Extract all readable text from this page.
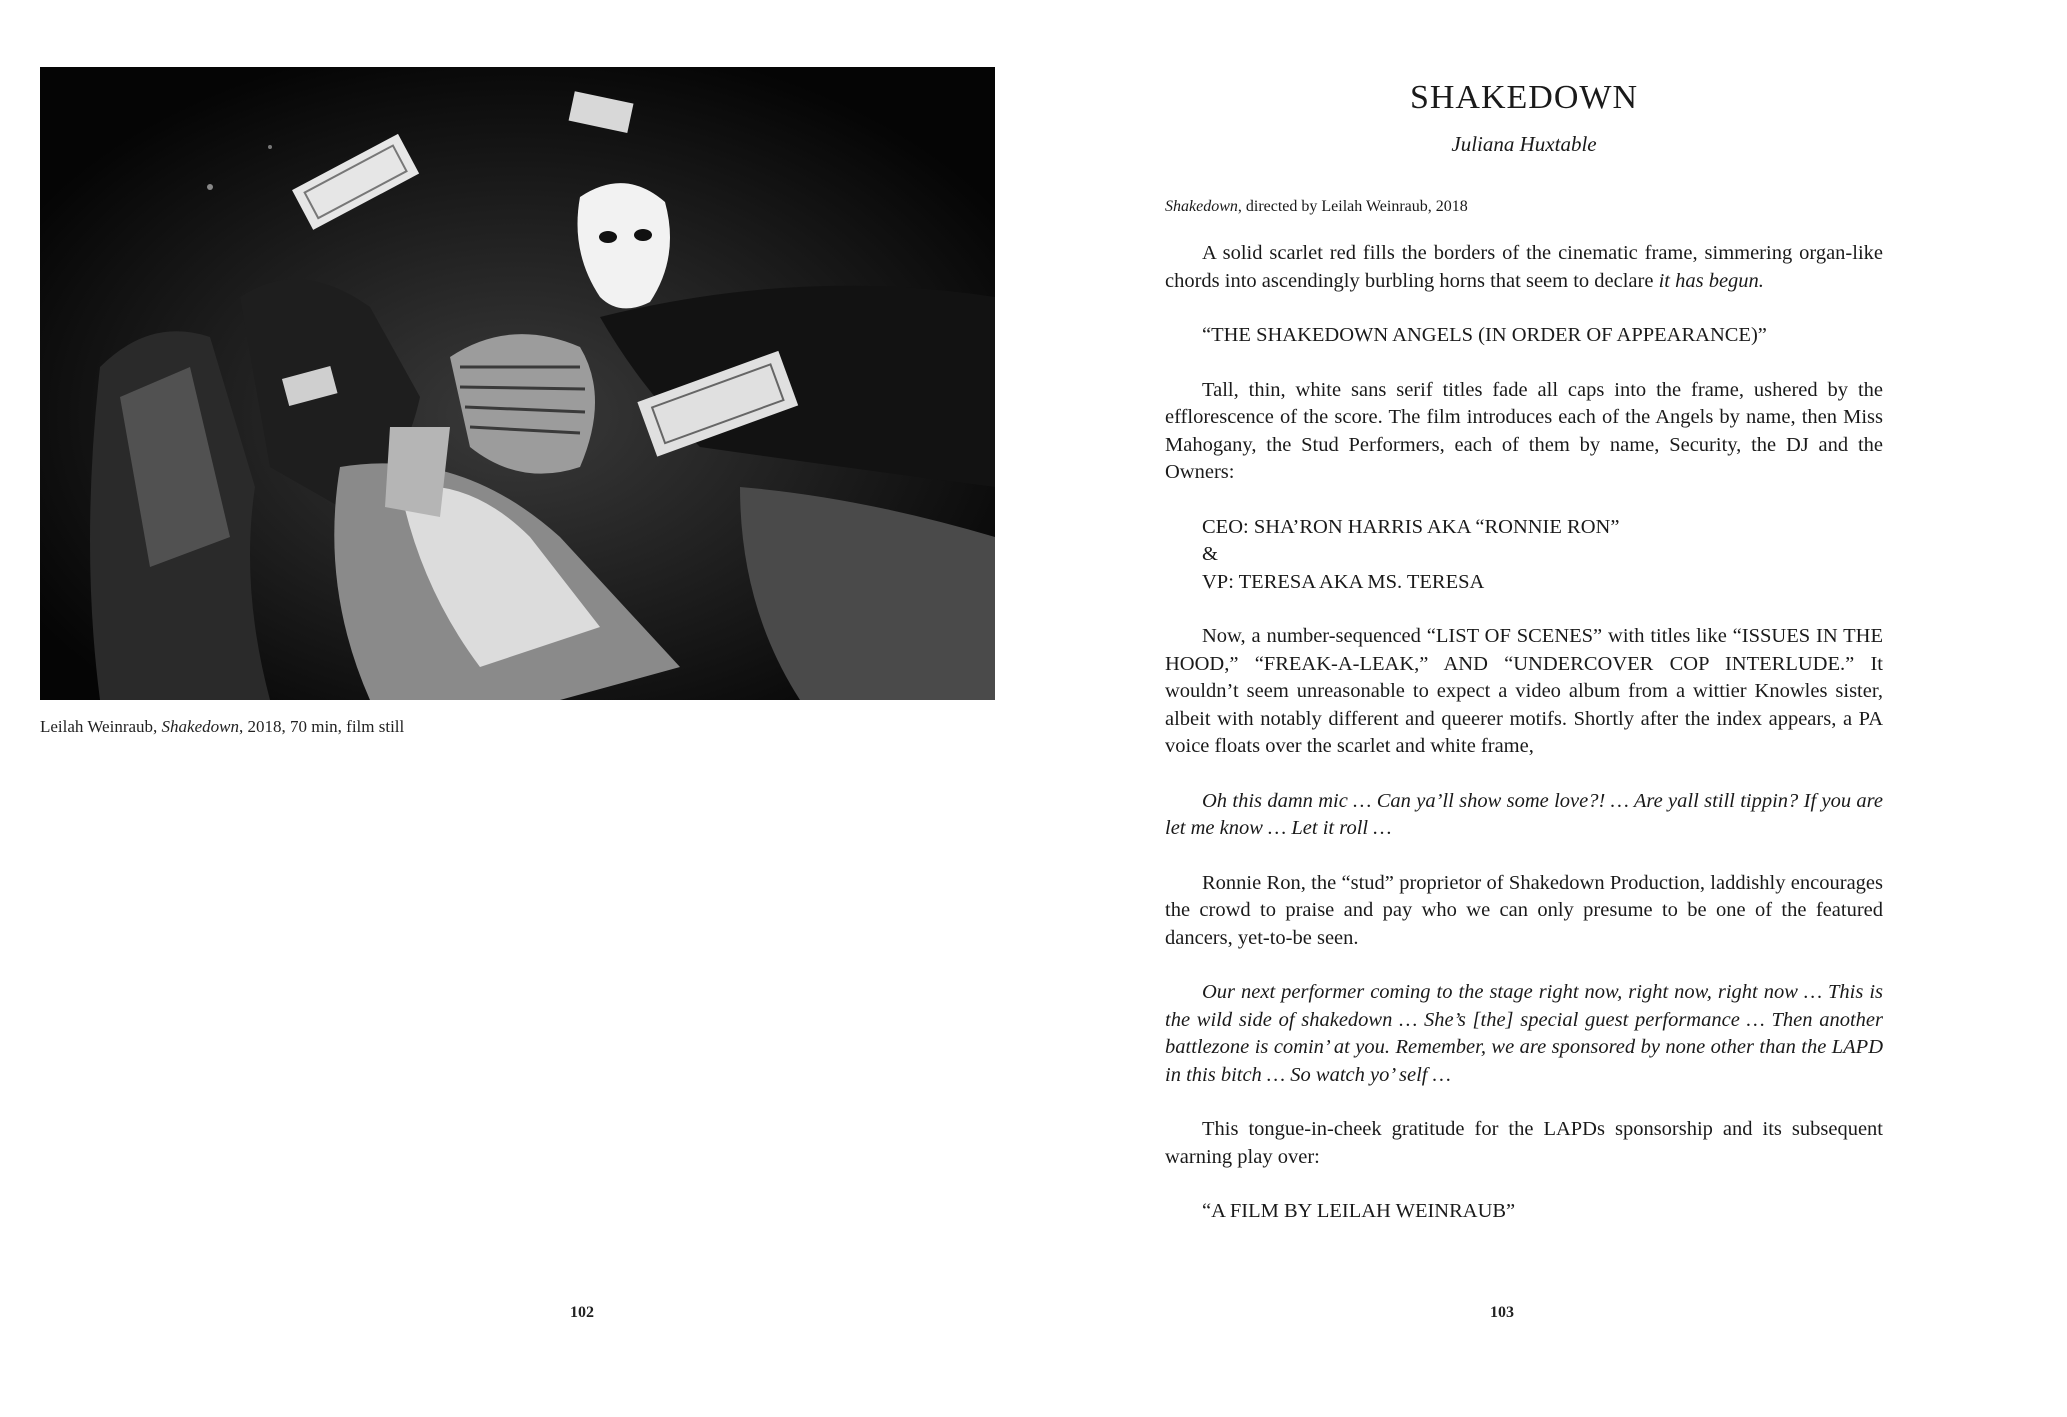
Leilah Weinraub, Shakedown, 2018, 70 min, film still
102
SHAKEDOWN
Juliana Huxtable
Shakedown, directed by Leilah Weinraub, 2018

A solid scarlet red fills the borders of the cinematic frame, simmering organ-like chords into ascendingly burbling horns that seem to declare it has begun.

“THE SHAKEDOWN ANGELS (IN ORDER OF APPEARANCE)”

Tall, thin, white sans serif titles fade all caps into the frame, ushered by the efflorescence of the score. The film introduces each of the Angels by name, then Miss Mahogany, the Stud Performers, each of them by name, Security, the DJ and the Owners:

CEO: SHA’RON HARRIS AKA “RONNIE RON”
&
VP: TERESA AKA MS. TERESA

Now, a number-sequenced “LIST OF SCENES” with titles like “ISSUES IN THE HOOD,” “FREAK-A-LEAK,” AND “UNDERCOVER COP INTERLUDE.” It wouldn’t seem unreasonable to expect a video album from a wittier Knowles sister, albeit with notably different and queerer motifs. Shortly after the index appears, a PA voice floats over the scarlet and white frame,

Oh this damn mic … Can ya’ll show some love?! … Are yall still tippin? If you are let me know … Let it roll …

Ronnie Ron, the “stud” proprietor of Shakedown Production, laddishly encourages the crowd to praise and pay who we can only presume to be one of the featured dancers, yet-to-be seen.

Our next performer coming to the stage right now, right now, right now … This is the wild side of shakedown … She’s [the] special guest performance … Then another battlezone is comin’ at you. Remember, we are sponsored by none other than the LAPD in this bitch … So watch yo’ self …

This tongue-in-cheek gratitude for the LAPDs sponsorship and its subsequent warning play over:

“A FILM BY LEILAH WEINRAUB”

103
